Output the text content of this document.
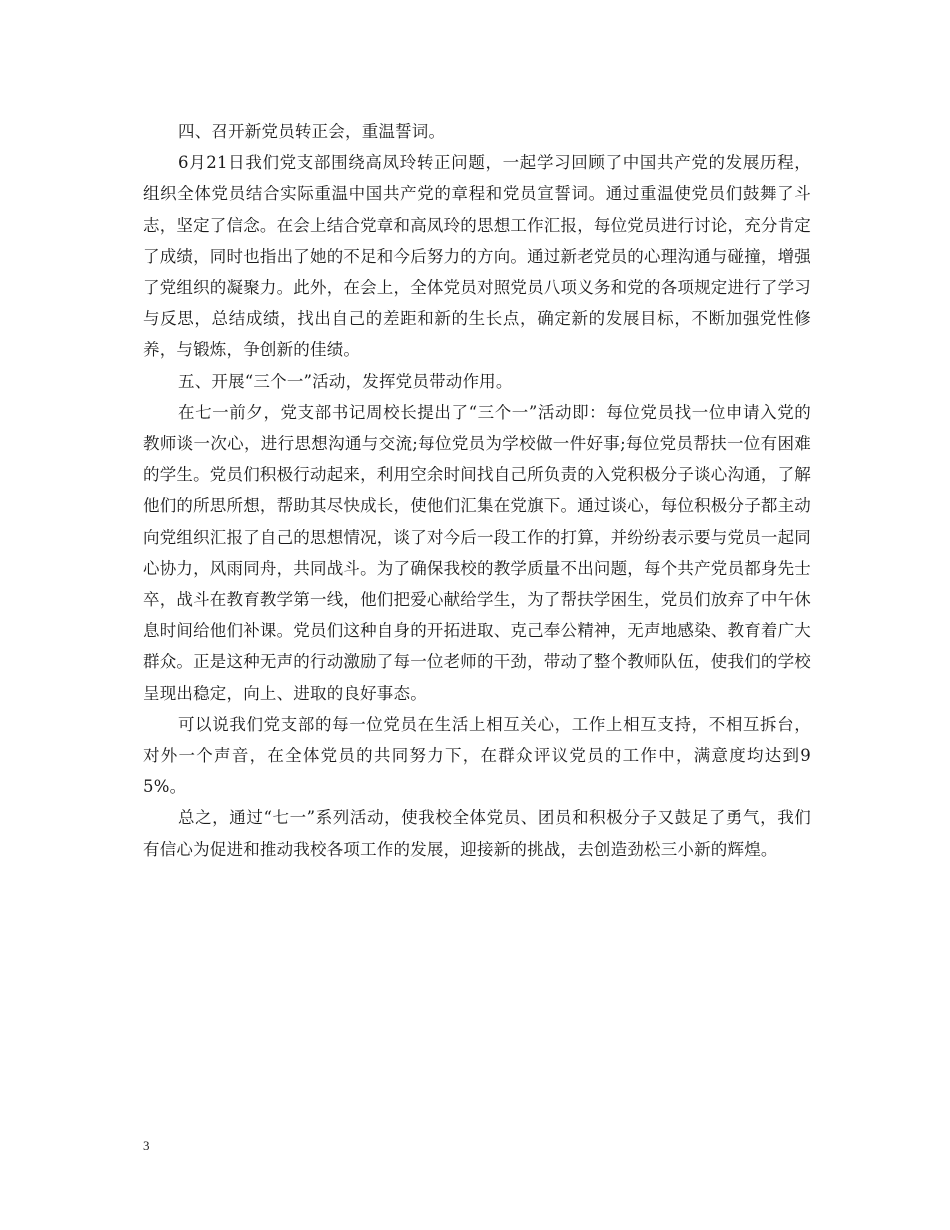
四、召开新党员转正会，重温誓词。

6月21日我们党支部围绕高凤玲转正问题，一起学习回顾了中国共产党的发展历程，组织全体党员结合实际重温中国共产党的章程和党员宣誓词。通过重温使党员们鼓舞了斗志，坚定了信念。在会上结合党章和高凤玲的思想工作汇报，每位党员进行讨论，充分肯定了成绩，同时也指出了她的不足和今后努力的方向。通过新老党员的心理沟通与碰撞，增强了党组织的凝聚力。此外，在会上，全体党员对照党员八项义务和党的各项规定进行了学习与反思，总结成绩，找出自己的差距和新的生长点，确定新的发展目标，不断加强党性修养，与锻炼，争创新的佳绩。

五、开展“三个一”活动，发挥党员带动作用。

在七一前夕，党支部书记周校长提出了“三个一”活动即：每位党员找一位申请入党的教师谈一次心，进行思想沟通与交流;每位党员为学校做一件好事;每位党员帮扶一位有困难的学生。党员们积极行动起来，利用空余时间找自己所负责的入党积极分子谈心沟通，了解他们的所思所想，帮助其尽快成长，使他们汇集在党旗下。通过谈心，每位积极分子都主动向党组织汇报了自己的思想情况，谈了对今后一段工作的打算，并纷纷表示要与党员一起同心协力，风雨同舟，共同战斗。为了确保我校的教学质量不出问题，每个共产党员都身先士卒，战斗在教育教学第一线，他们把爱心献给学生，为了帮扶学困生，党员们放弃了中午休息时间给他们补课。党员们这种自身的开拓进取、克己奉公精神，无声地感染、教育着广大群众。正是这种无声的行动激励了每一位老师的干劲，带动了整个教师队伍，使我们的学校呈现出稳定，向上、进取的良好事态。

可以说我们党支部的每一位党员在生活上相互关心，工作上相互支持，不相互拆台，对外一个声音，在全体党员的共同努力下，在群众评议党员的工作中，满意度均达到95%。

总之，通过“七一”系列活动，使我校全体党员、团员和积极分子又鼓足了勇气，我们有信心为促进和推动我校各项工作的发展，迎接新的挑战，去创造劲松三小新的辉煌。

3
